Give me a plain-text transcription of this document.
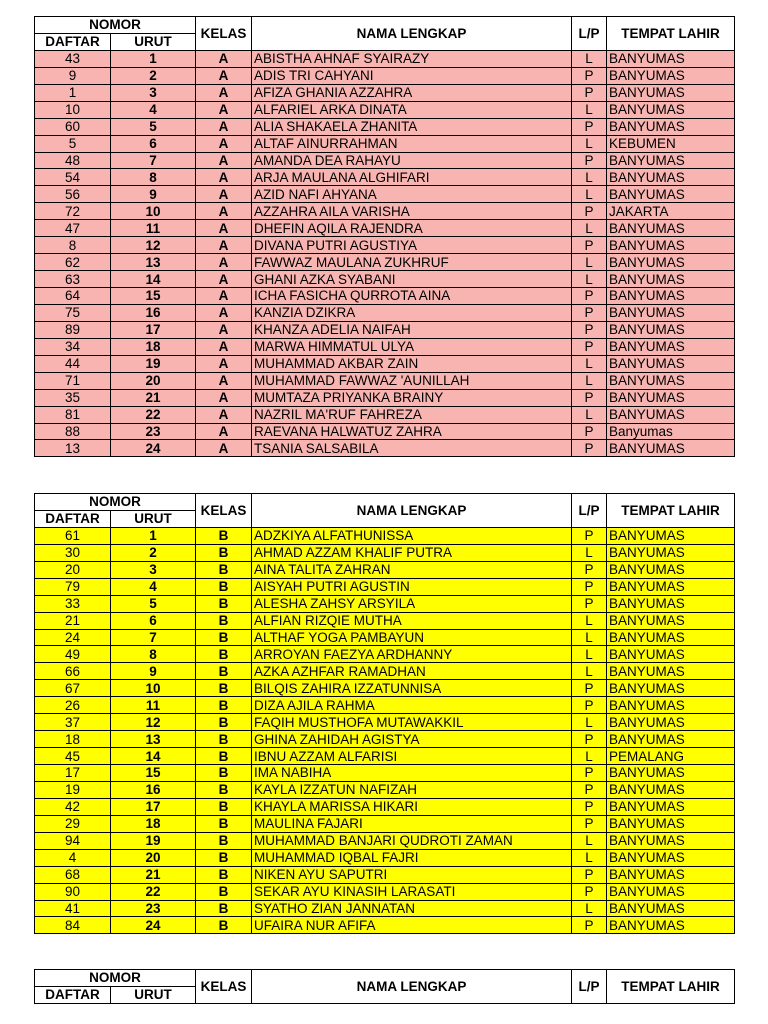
NOMOR		KELAS	NAMA LENGKAP	L/P	TEMPAT LAHIR
DAFTAR	URUT				
43	1	A	ABISTHA AHNAF SYAIRAZY	L	BANYUMAS
9	2	A	ADIS TRI CAHYANI	P	BANYUMAS
1	3	A	AFIZA GHANIA AZZAHRA	P	BANYUMAS
10	4	A	ALFARIEL ARKA DINATA	L	BANYUMAS
60	5	A	ALIA SHAKAELA ZHANITA	P	BANYUMAS
5	6	A	ALTAF AINURRAHMAN	L	KEBUMEN
48	7	A	AMANDA DEA RAHAYU	P	BANYUMAS
54	8	A	ARJA MAULANA ALGHIFARI	L	BANYUMAS
56	9	A	AZID NAFI AHYANA	L	BANYUMAS
72	10	A	AZZAHRA AILA VARISHA	P	JAKARTA
47	11	A	DHEFIN AQILA RAJENDRA	L	BANYUMAS
8	12	A	DIVANA PUTRI AGUSTIYA	P	BANYUMAS
62	13	A	FAWWAZ MAULANA ZUKHRUF	L	BANYUMAS
63	14	A	GHANI AZKA SYABANI	L	BANYUMAS
64	15	A	ICHA FASICHA QURROTA AINA	P	BANYUMAS
75	16	A	KANZIA DZIKRA	P	BANYUMAS
89	17	A	KHANZA ADELIA NAIFAH	P	BANYUMAS
34	18	A	MARWA HIMMATUL ULYA	P	BANYUMAS
44	19	A	MUHAMMAD AKBAR ZAIN	L	BANYUMAS
71	20	A	MUHAMMAD FAWWAZ 'AUNILLAH	L	BANYUMAS
35	21	A	MUMTAZA PRIYANKA BRAINY	P	BANYUMAS
81	22	A	NAZRIL MA'RUF FAHREZA	L	BANYUMAS
88	23	A	RAEVANA HALWATUZ ZAHRA	P	Banyumas
13	24	A	TSANIA SALSABILA	P	BANYUMAS
NOMOR		KELAS	NAMA LENGKAP	L/P	TEMPAT LAHIR
DAFTAR	URUT				
61	1	B	ADZKIYA ALFATHUNISSA	P	BANYUMAS
30	2	B	AHMAD AZZAM KHALIF PUTRA	L	BANYUMAS
20	3	B	AINA TALITA ZAHRAN	P	BANYUMAS
79	4	B	AISYAH PUTRI AGUSTIN	P	BANYUMAS
33	5	B	ALESHA ZAHSY ARSYILA	P	BANYUMAS
21	6	B	ALFIAN RIZQIE MUTHA	L	BANYUMAS
24	7	B	ALTHAF YOGA PAMBAYUN	L	BANYUMAS
49	8	B	ARROYAN FAEZYA ARDHANNY	L	BANYUMAS
66	9	B	AZKA AZHFAR RAMADHAN	L	BANYUMAS
67	10	B	BILQIS ZAHIRA IZZATUNNISA	P	BANYUMAS
26	11	B	DIZA AJILA RAHMA	P	BANYUMAS
37	12	B	FAQIH MUSTHOFA MUTAWAKKIL	L	BANYUMAS
18	13	B	GHINA ZAHIDAH AGISTYA	P	BANYUMAS
45	14	B	IBNU AZZAM ALFARISI	L	PEMALANG
17	15	B	IMA NABIHA	P	BANYUMAS
19	16	B	KAYLA IZZATUN NAFIZAH	P	BANYUMAS
42	17	B	KHAYLA MARISSA HIKARI	P	BANYUMAS
29	18	B	MAULINA FAJARI	P	BANYUMAS
94	19	B	MUHAMMAD BANJARI QUDROTI ZAMAN	L	BANYUMAS
4	20	B	MUHAMMAD IQBAL FAJRI	L	BANYUMAS
68	21	B	NIKEN AYU SAPUTRI	P	BANYUMAS
90	22	B	SEKAR AYU KINASIH LARASATI	P	BANYUMAS
41	23	B	SYATHO ZIAN JANNATAN	L	BANYUMAS
84	24	B	UFAIRA NUR AFIFA	P	BANYUMAS
NOMOR		KELAS	NAMA LENGKAP	L/P	TEMPAT LAHIR
DAFTAR	URUT				
